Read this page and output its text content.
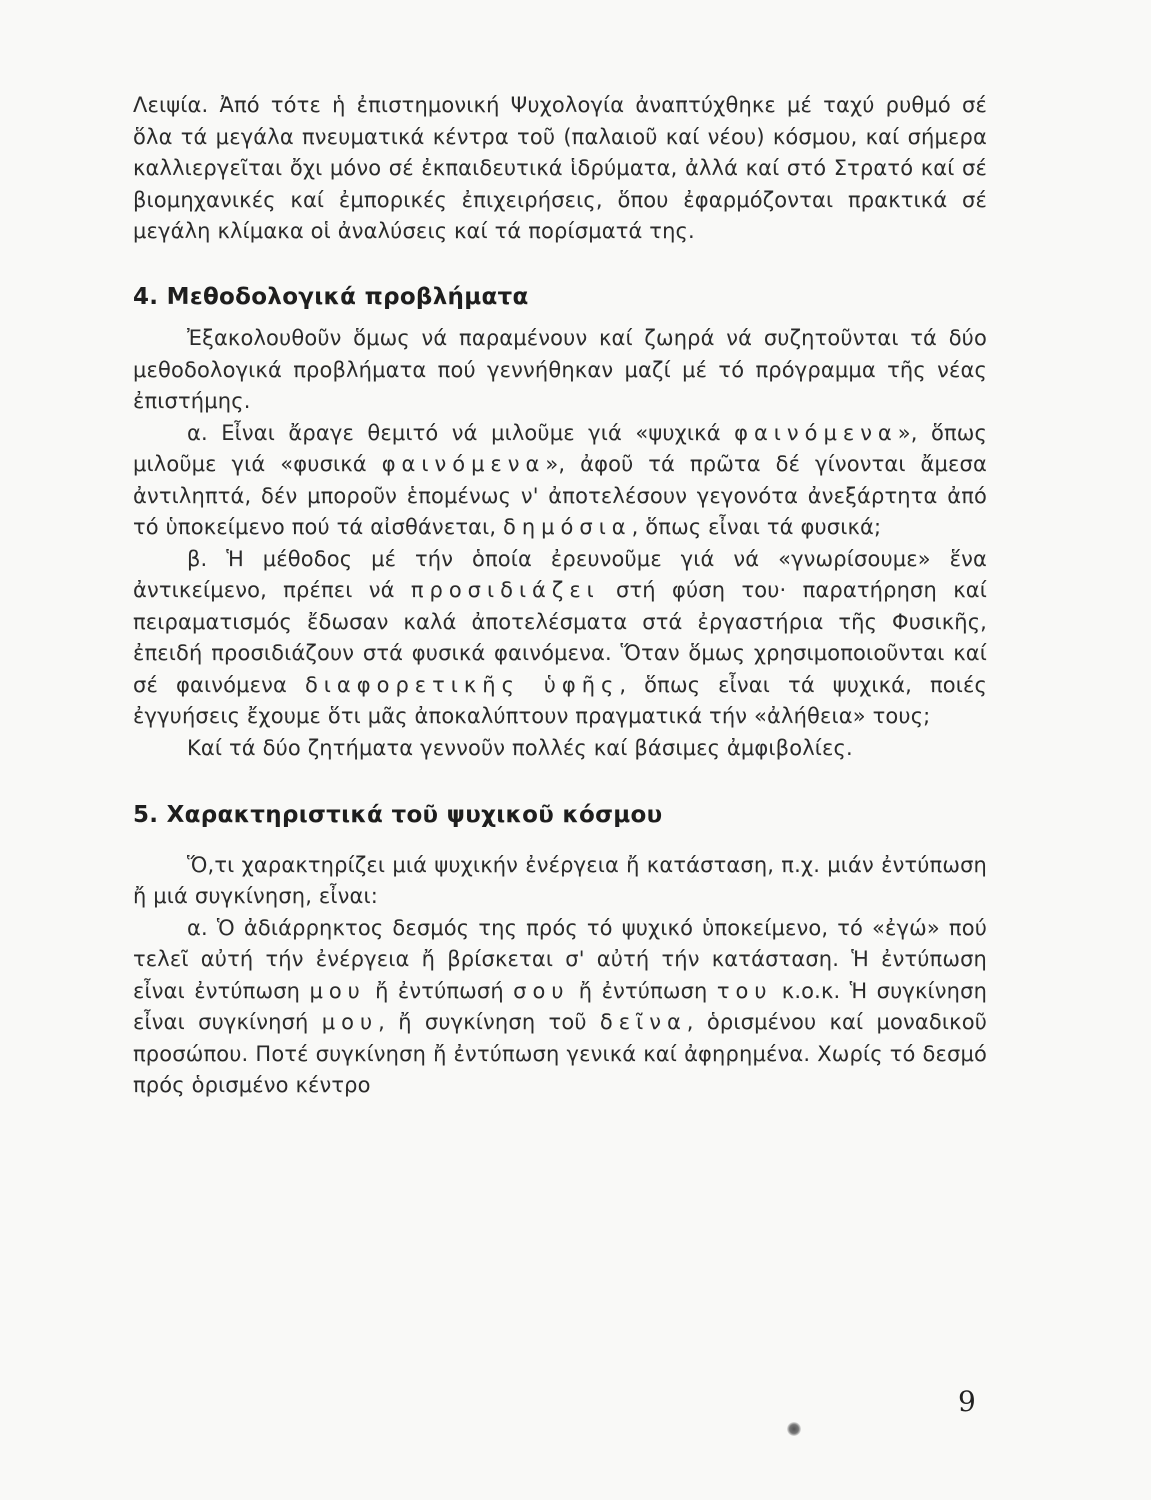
Λειψία. Ἀπό τότε ἡ ἐπιστημονική Ψυχολογία ἀναπτύχθηκε μέ ταχύ ρυθμό σέ ὅλα τά μεγάλα πνευματικά κέντρα τοῦ (παλαιοῦ καί νέου) κόσμου, καί σήμερα καλλιεργεῖται ὄχι μόνο σέ ἐκπαιδευτικά ἱδρύματα, ἀλλά καί στό Στρατό καί σέ βιομηχανικές καί ἐμπορικές ἐπιχειρήσεις, ὅπου ἐφαρμόζονται πρακτικά σέ μεγάλη κλίμακα οἱ ἀναλύσεις καί τά πορίσματά της.

4. Μεθοδολογικά προβλήματα

Ἐξακολουθοῦν ὅμως νά παραμένουν καί ζωηρά νά συζητοῦνται τά δύο μεθοδολογικά προβλήματα πού γεννήθηκαν μαζί μέ τό πρόγραμμα τῆς νέας ἐπιστήμης.

α. Εἶναι ἄραγε θεμιτό νά μιλοῦμε γιά «ψυχικά φαινόμενα», ὅπως μιλοῦμε γιά «φυσικά φαινόμενα», ἀφοῦ τά πρῶτα δέ γίνονται ἄμεσα ἀντιληπτά, δέν μποροῦν ἑπομένως ν' ἀποτελέσουν γεγονότα ἀνεξάρτητα ἀπό τό ὑποκείμενο πού τά αἰσθάνεται, δημόσια, ὅπως εἶναι τά φυσικά;

β. Ἡ μέθοδος μέ τήν ὁποία ἐρευνοῦμε γιά νά «γνωρίσουμε» ἕνα ἀντικείμενο, πρέπει νά προσιδιάζει στή φύση του· παρατήρηση καί πειραματισμός ἔδωσαν καλά ἀποτελέσματα στά ἐργαστήρια τῆς Φυσικῆς, ἐπειδή προσιδιάζουν στά φυσικά φαινόμενα. Ὅταν ὅμως χρησιμοποιοῦνται καί σέ φαινόμενα διαφορετικῆς ὑφῆς, ὅπως εἶναι τά ψυχικά, ποιές ἐγγυήσεις ἔχουμε ὅτι μᾶς ἀποκαλύπτουν πραγματικά τήν «ἀλήθεια» τους;

Καί τά δύο ζητήματα γεννοῦν πολλές καί βάσιμες ἀμφιβολίες.

5. Χαρακτηριστικά τοῦ ψυχικοῦ κόσμου

Ὅ,τι χαρακτηρίζει μιά ψυχικήν ἐνέργεια ἤ κατάσταση, π.χ. μιάν ἐντύπωση ἤ μιά συγκίνηση, εἶναι:

α. Ὁ ἀδιάρρηκτος δεσμός της πρός τό ψυχικό ὑποκείμενο, τό «ἐγώ» πού τελεῖ αὐτή τήν ἐνέργεια ἤ βρίσκεται σ' αὐτή τήν κατάσταση. Ἡ ἐντύπωση εἶναι ἐντύπωση μου ἤ ἐντύπωσή σου ἤ ἐντύπωση του κ.ο.κ. Ἡ συγκίνηση εἶναι συγκίνησή μου, ἤ συγκίνηση τοῦ δεῖνα, ὁρισμένου καί μοναδικοῦ προσώπου. Ποτέ συγκίνηση ἤ ἐντύπωση γενικά καί ἀφηρημένα. Χωρίς τό δεσμό πρός ὁρισμένο κέντρο

9
